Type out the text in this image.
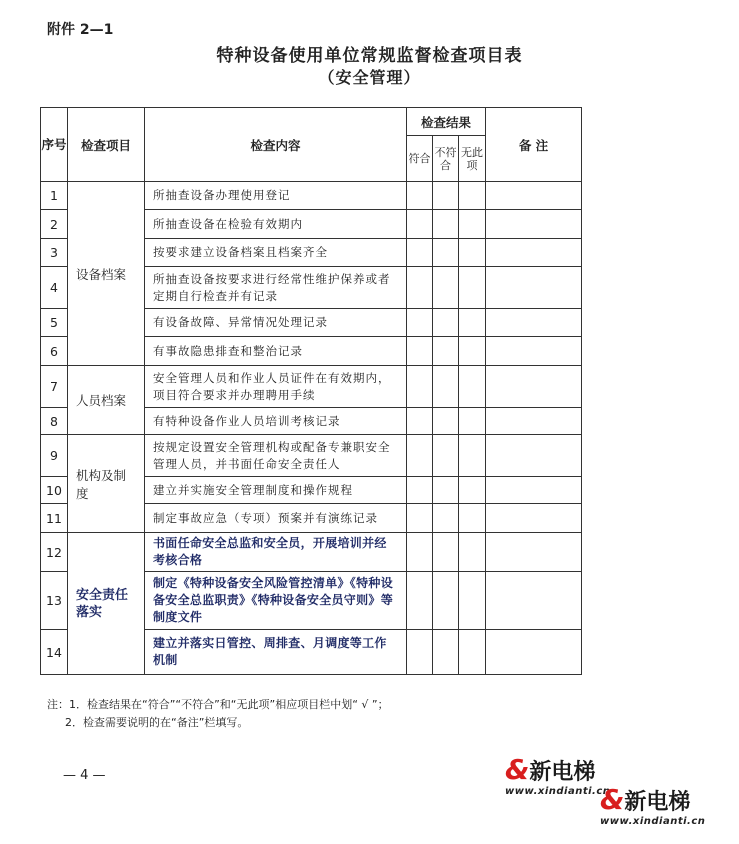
附件 2—1
特种设备使用单位常规监督检查项目表
（安全管理）
序号	检查项目	检查内容	检查结果			备 注

			符合	不符合	无此项	

1	设备档案	所抽查设备办理使用登记				
2		所抽查设备在检验有效期内				
3		按要求建立设备档案且档案齐全				
4		所抽查设备按要求进行经常性维护保养或者定期自行检查并有记录				
5		有设备故障、异常情况处理记录				
6		有事故隐患排查和整治记录				
7	人员档案	安全管理人员和作业人员证件在有效期内，项目符合要求并办理聘用手续				
8		有特种设备作业人员培训考核记录				
9	机构及制度	按规定设置安全管理机构或配备专兼职安全管理人员，并书面任命安全责任人				
10		建立并实施安全管理制度和操作规程				
11		制定事故应急（专项）预案并有演练记录				
12	安全责任落实	书面任命安全总监和安全员，开展培训并经考核合格				
13		制定《特种设备安全风险管控清单》《特种设备安全总监职责》《特种设备安全员守则》等制度文件				
14		建立并落实日管控、周排查、月调度等工作机制				
注：1．检查结果在“符合”“不符合”和“无此项”相应项目栏中划“ √ ”；
2．检查需要说明的在“备注”栏填写。
— 4 —	&新电梯
www.xindianti.cn
&新电梯
www.xindianti.cn
